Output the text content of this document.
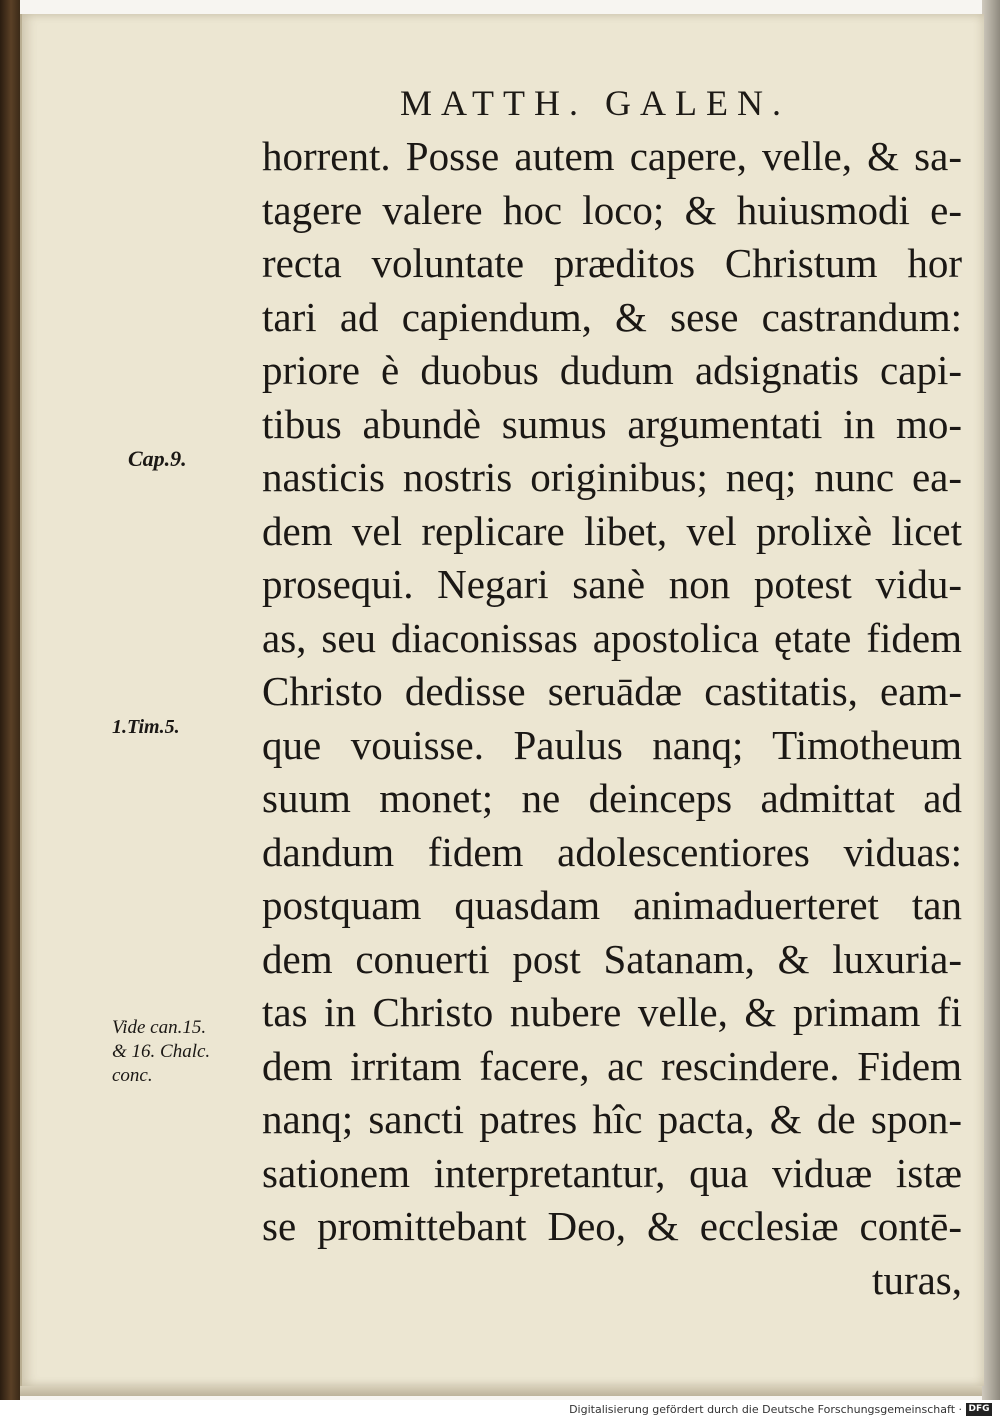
MATTH. GALEN.
horrent. Posse autem capere, velle, & sa-
tagere valere hoc loco; & huiusmodi e-
recta voluntate præditos Christum hor
tari ad capiendum, & sese castrandum:
priore è duobus dudum adsignatis capi-
tibus abundè sumus argumentati in mo-
nasticis nostris originibus; neq; nunc ea-
dem vel replicare libet, vel prolixè licet
prosequi. Negari sanè non potest vidu-
as, seu diaconissas apostolica ętate fidem
Christo dedisse seruādæ castitatis, eam-
que vouisse. Paulus nanq; Timotheum
suum monet; ne deinceps admittat ad
dandum fidem adolescentiores viduas:
postquam quasdam animaduerteret tan
dem conuerti post Satanam, & luxuria-
tas in Christo nubere velle, & primam fi
dem irritam facere, ac rescindere. Fidem
nanq; sancti patres hîc pacta, & de spon-
sationem interpretantur, qua viduæ istæ
se promittebant Deo, & ecclesiæ contē-
turas,
Cap.9.
1.Tim.5.
Vide can.15.
& 16. Chalc.
conc.
Digitalisierung gefördert durch die Deutsche Forschungsgemeinschaft · DFG
